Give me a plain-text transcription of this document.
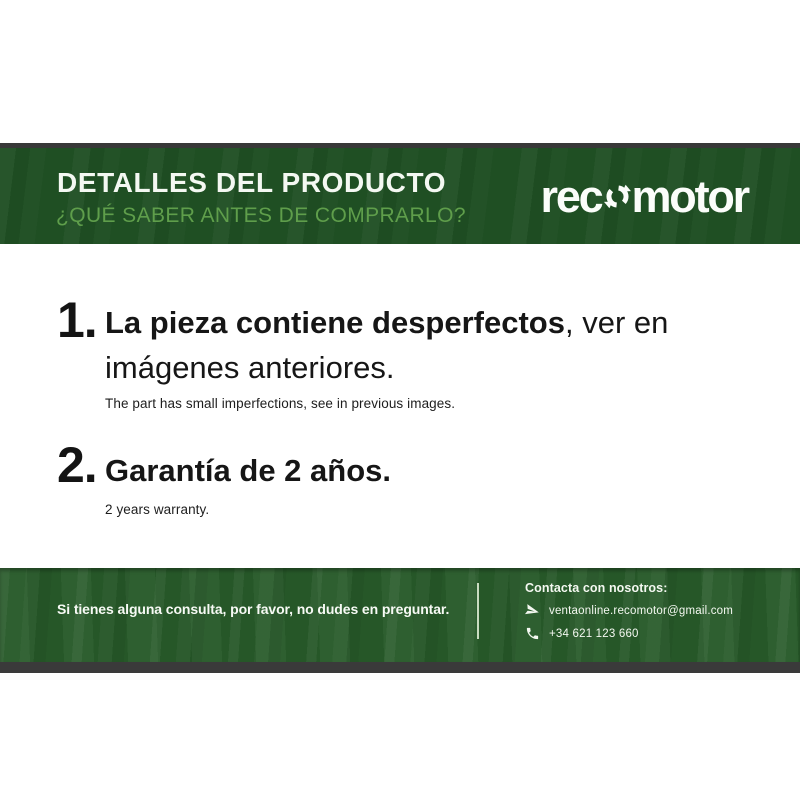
DETALLES DEL PRODUCTO
¿QUÉ SABER ANTES DE COMPRARLO? rec motor
1. La pieza contiene desperfectos, ver en
imágenes anteriores.
The part has small imperfections, see in previous images.
2. Garantía de 2 años.
2 years warranty.
Si tienes alguna consulta, por favor, no dudes en preguntar.
Contacta con nosotros:
ventaonline.recomotor@gmail.com
+34 621 123 660
